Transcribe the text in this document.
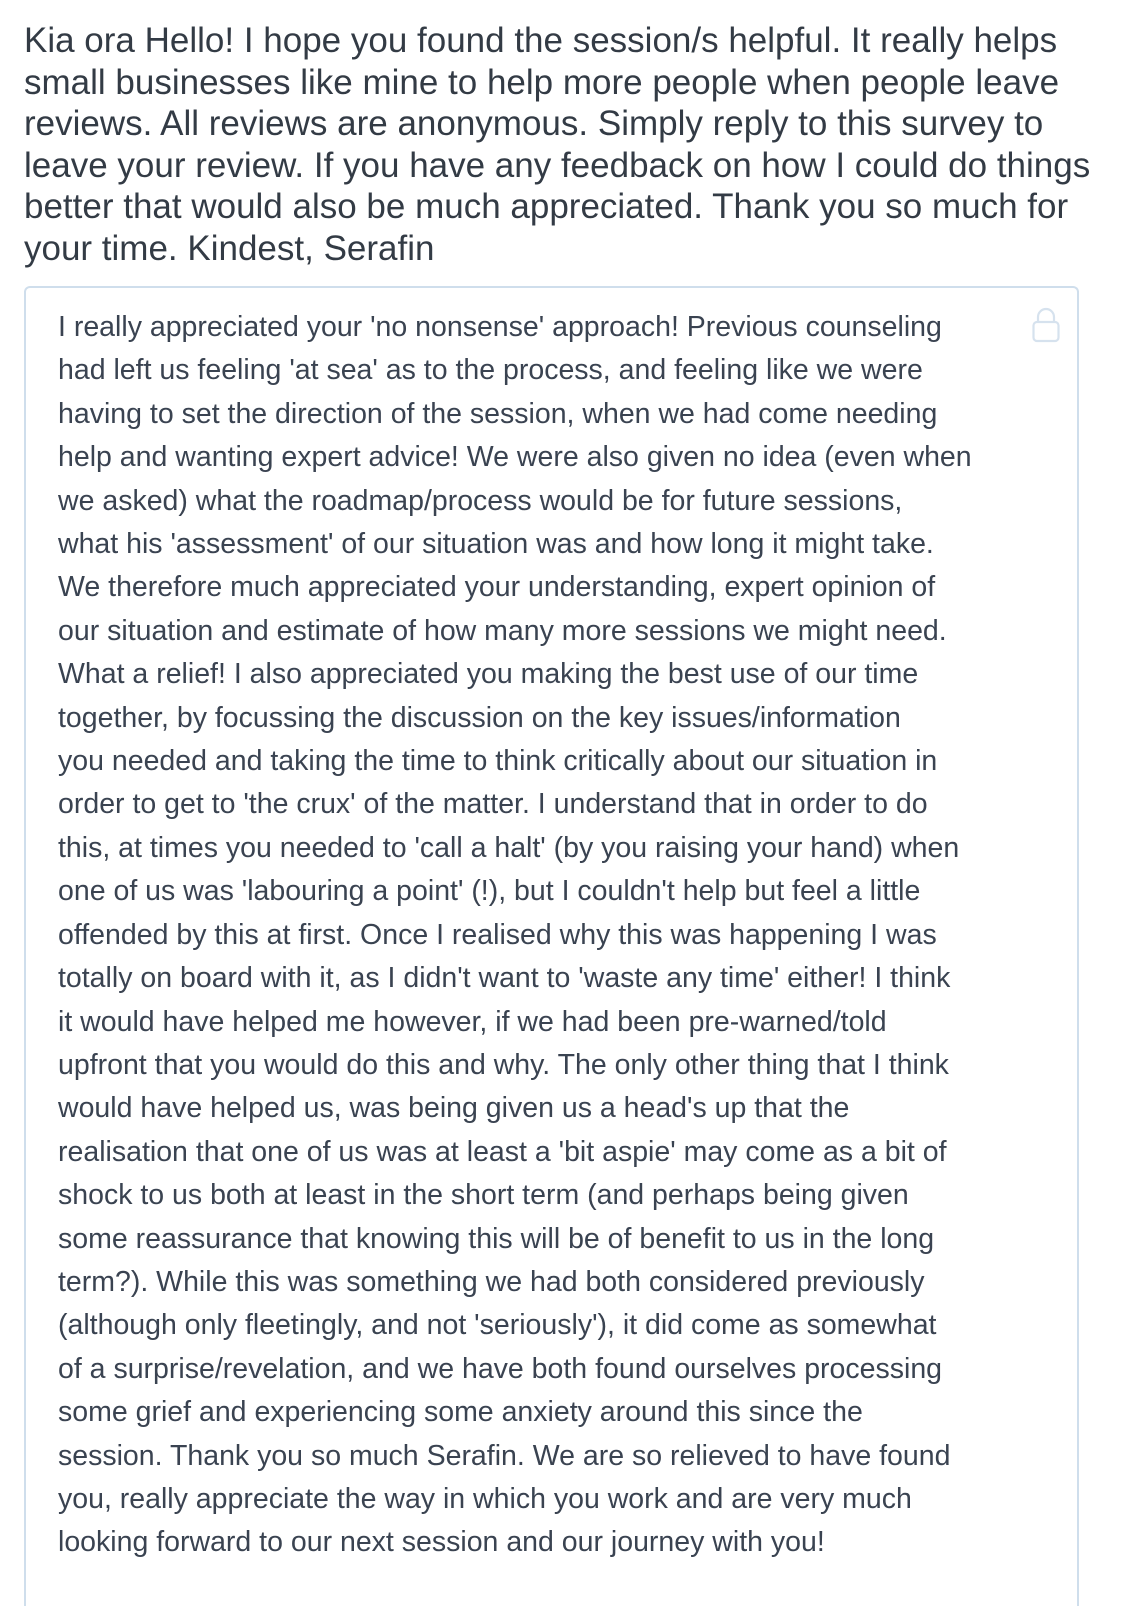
Kia ora Hello! I hope you found the session/s helpful. It really helps
small businesses like mine to help more people when people leave
reviews. All reviews are anonymous. Simply reply to this survey to
leave your review. If you have any feedback on how I could do things
better that would also be much appreciated. Thank you so much for
your time. Kindest, Serafin
I really appreciated your 'no nonsense' approach! Previous counseling
had left us feeling 'at sea' as to the process, and feeling like we were
having to set the direction of the session, when we had come needing
help and wanting expert advice! We were also given no idea (even when
we asked) what the roadmap/process would be for future sessions,
what his 'assessment' of our situation was and how long it might take.
We therefore much appreciated your understanding, expert opinion of
our situation and estimate of how many more sessions we might need.
What a relief! I also appreciated you making the best use of our time
together, by focussing the discussion on the key issues/information
you needed and taking the time to think critically about our situation in
order to get to 'the crux' of the matter. I understand that in order to do
this, at times you needed to 'call a halt' (by you raising your hand) when
one of us was 'labouring a point' (!), but I couldn't help but feel a little
offended by this at first. Once I realised why this was happening I was
totally on board with it, as I didn't want to 'waste any time' either! I think
it would have helped me however, if we had been pre-warned/told
upfront that you would do this and why. The only other thing that I think
would have helped us, was being given us a head's up that the
realisation that one of us was at least a 'bit aspie' may come as a bit of
shock to us both at least in the short term (and perhaps being given
some reassurance that knowing this will be of benefit to us in the long
term?). While this was something we had both considered previously
(although only fleetingly, and not 'seriously'), it did come as somewhat
of a surprise/revelation, and we have both found ourselves processing
some grief and experiencing some anxiety around this since the
session. Thank you so much Serafin. We are so relieved to have found
you, really appreciate the way in which you work and are very much
looking forward to our next session and our journey with you!
